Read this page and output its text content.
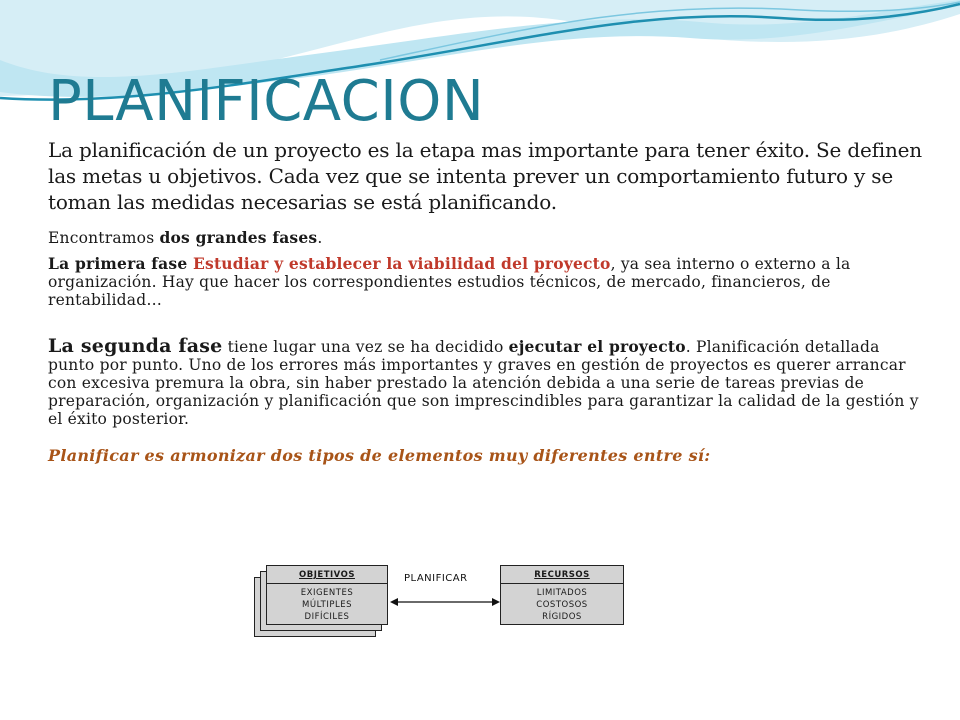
PLANIFICACION

La planificación de un proyecto es la etapa mas importante para tener éxito. Se definen las metas u objetivos. Cada vez que se intenta prever un comportamiento futuro y se toman las medidas necesarias se está planificando.

Encontramos dos grandes fases.

La primera fase Estudiar y establecer la viabilidad del proyecto, ya sea interno o externo a la organización. Hay que hacer los correspondientes estudios técnicos, de mercado, financieros, de rentabilidad…

La segunda fase tiene lugar una vez se ha decidido ejecutar el proyecto. Planificación detallada punto por punto. Uno de los errores más importantes y graves en gestión de proyectos es querer arrancar con excesiva premura la obra, sin haber prestado la atención debida a una serie de tareas previas de preparación, organización y planificación que son imprescindibles para garantizar la calidad de la gestión y el éxito posterior.

Planificar es armonizar dos tipos de elementos muy diferentes entre sí:

OBJETIVOS
EXIGENTES
MÚLTIPLES
DIFÍCILES
PLANIFICAR	RECURSOS
LIMITADOS
COSTOSOS
RÍGIDOS
